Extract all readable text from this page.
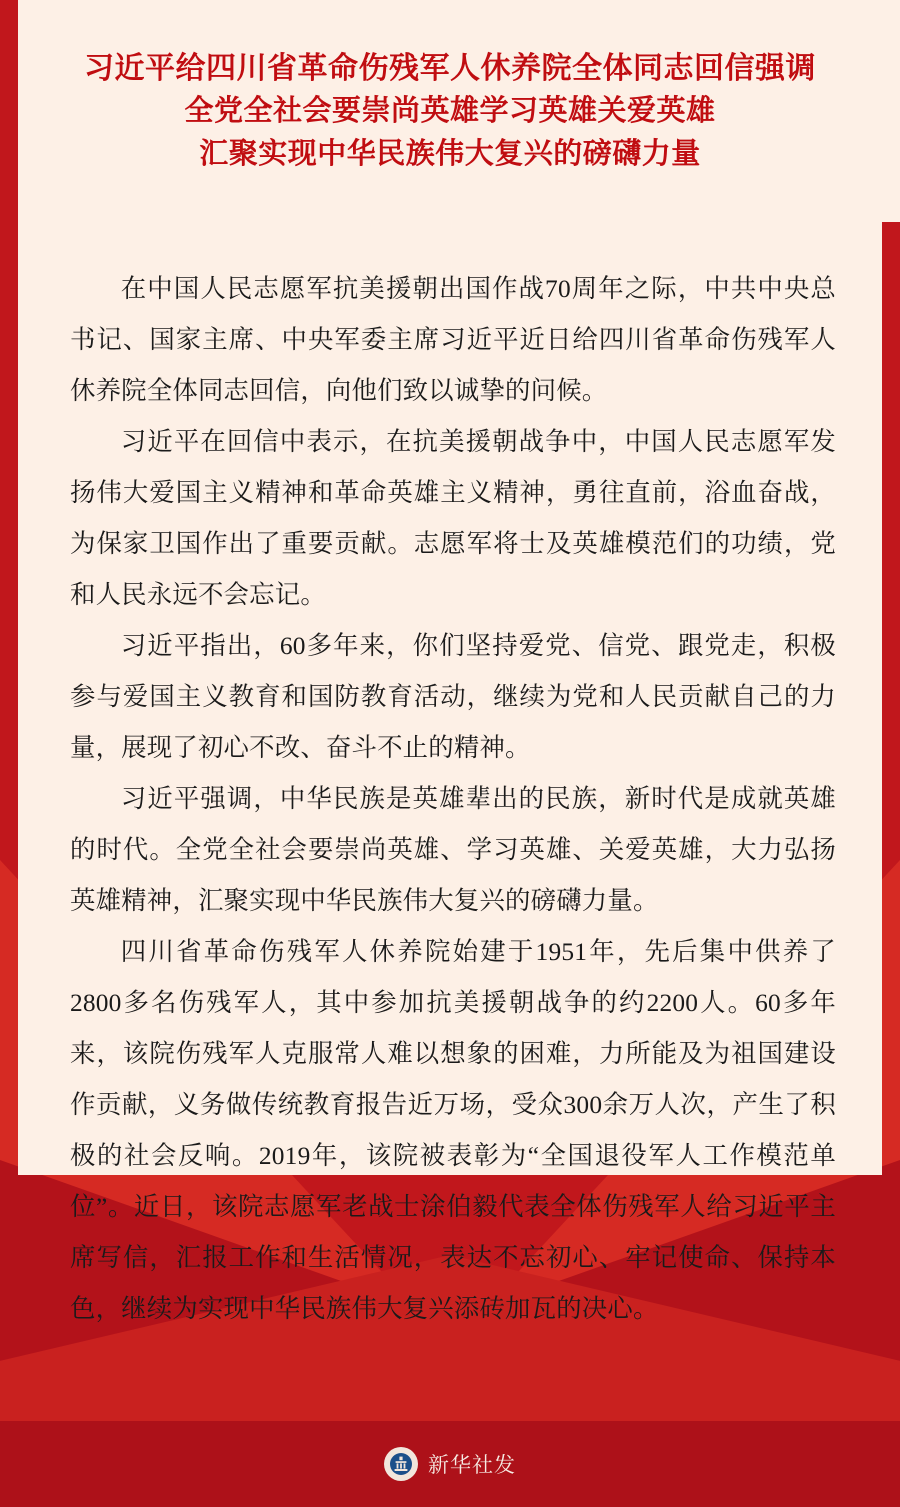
习近平给四川省革命伤残军人休养院全体同志回信强调
全党全社会要崇尚英雄学习英雄关爱英雄
汇聚实现中华民族伟大复兴的磅礴力量

在中国人民志愿军抗美援朝出国作战70周年之际，中共中央总书记、国家主席、中央军委主席习近平近日给四川省革命伤残军人休养院全体同志回信，向他们致以诚挚的问候。

习近平在回信中表示，在抗美援朝战争中，中国人民志愿军发扬伟大爱国主义精神和革命英雄主义精神，勇往直前，浴血奋战，为保家卫国作出了重要贡献。志愿军将士及英雄模范们的功绩，党和人民永远不会忘记。

习近平指出，60多年来，你们坚持爱党、信党、跟党走，积极参与爱国主义教育和国防教育活动，继续为党和人民贡献自己的力量，展现了初心不改、奋斗不止的精神。

习近平强调，中华民族是英雄辈出的民族，新时代是成就英雄的时代。全党全社会要崇尚英雄、学习英雄、关爱英雄，大力弘扬英雄精神，汇聚实现中华民族伟大复兴的磅礴力量。

四川省革命伤残军人休养院始建于1951年，先后集中供养了2800多名伤残军人，其中参加抗美援朝战争的约2200人。60多年来，该院伤残军人克服常人难以想象的困难，力所能及为祖国建设作贡献，义务做传统教育报告近万场，受众300余万人次，产生了积极的社会反响。2019年，该院被表彰为“全国退役军人工作模范单位”。近日，该院志愿军老战士涂伯毅代表全体伤残军人给习近平主席写信，汇报工作和生活情况，表达不忘初心、牢记使命、保持本色，继续为实现中华民族伟大复兴添砖加瓦的决心。

新华社发
